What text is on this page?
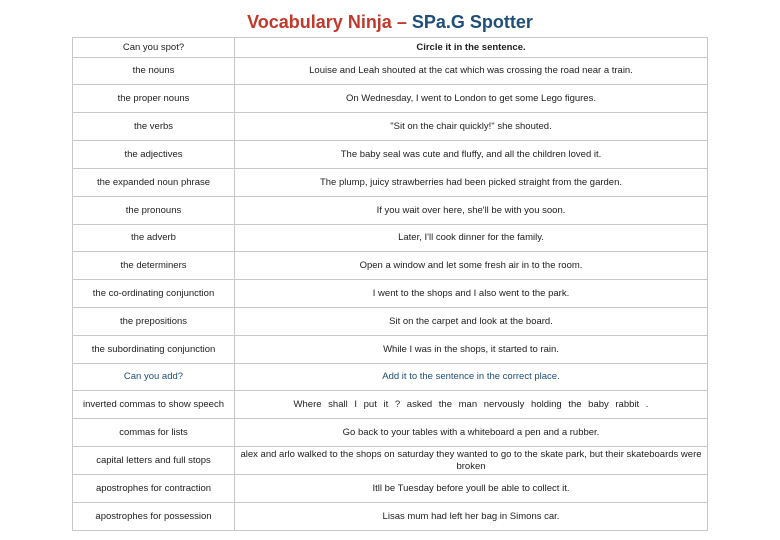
Vocabulary Ninja – SPa.G Spotter
Can you spot?	Circle it in the sentence.
the nouns	Louise and Leah shouted at the cat which was crossing the road near a train.
the proper nouns	On Wednesday, I went to London to get some Lego figures.
the verbs	"Sit on the chair quickly!" she shouted.
the adjectives	The baby seal was cute and fluffy, and all the children loved it.
the expanded noun phrase	The plump, juicy strawberries had been picked straight from the garden.
the pronouns	If you wait over here, she'll be with you soon.
the adverb	Later, I'll cook dinner for the family.
the determiners	Open a window and let some fresh air in to the room.
the co-ordinating conjunction	I went to the shops and I also went to the park.
the prepositions	Sit on the carpet and look at the board.
the subordinating conjunction	While I was in the shops, it started to rain.
Can you add?	Add it to the sentence in the correct place.
inverted commas to show speech	Where shall I put it ? asked the man nervously holding the baby rabbit .
commas for lists	Go back to your tables with a whiteboard a pen and a rubber.
capital letters and full stops	alex and arlo walked to the shops on saturday they wanted to go to the skate park, but their skateboards were broken
apostrophes for contraction	Itll be Tuesday before youll be able to collect it.
apostrophes for possession	Lisas mum had left her bag in Simons car.
